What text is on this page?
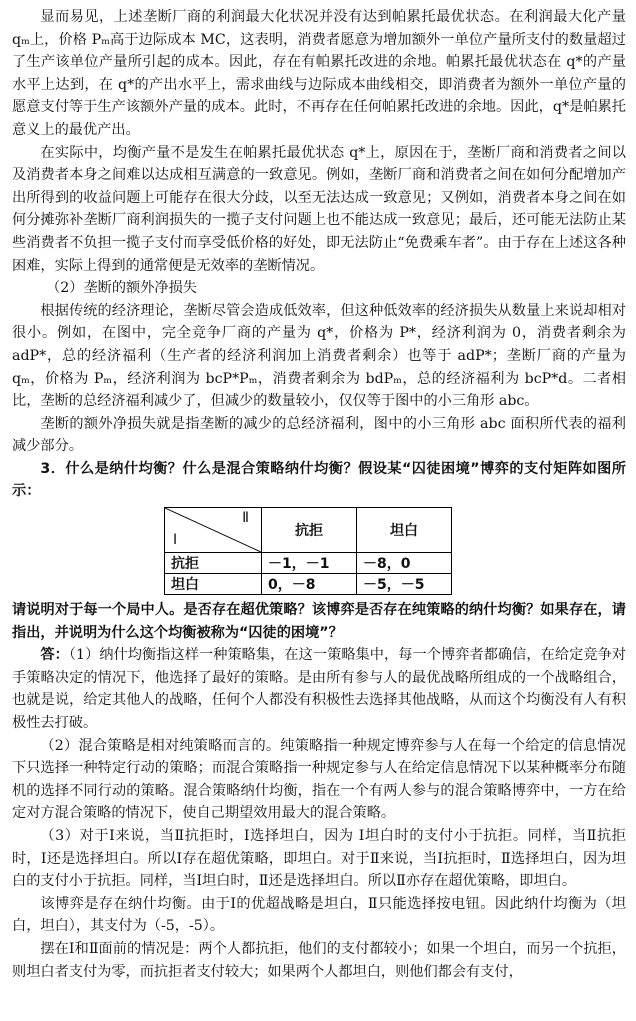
显而易见，上述垄断厂商的利润最大化状况并没有达到帕累托最优状态。在利润最大化产量 qₘ上，价格 Pₘ高于边际成本 MC，这表明，消费者愿意为增加额外一单位产量所支付的数量超过了生产该单位产量所引起的成本。因此，存在有帕累托改进的余地。帕累托最优状态在 q*的产量水平上达到，在 q*的产出水平上，需求曲线与边际成本曲线相交，即消费者为额外一单位产量的愿意支付等于生产该额外产量的成本。此时，不再存在任何帕累托改进的余地。因此，q*是帕累托意义上的最优产出。

在实际中，均衡产量不是发生在帕累托最优状态 q*上，原因在于，垄断厂商和消费者之间以及消费者本身之间难以达成相互满意的一致意见。例如，垄断厂商和消费者之间在如何分配增加产出所得到的收益问题上可能存在很大分歧，以至无法达成一致意见；又例如，消费者本身之间在如何分摊弥补垄断厂商利润损失的一揽子支付问题上也不能达成一致意见；最后，还可能无法防止某些消费者不负担一揽子支付而享受低价格的好处，即无法防止“免费乘车者”。由于存在上述这各种困难，实际上得到的通常便是无效率的垄断情况。

（2）垄断的额外净损失

根据传统的经济理论，垄断尽管会造成低效率，但这种低效率的经济损失从数量上来说却相对很小。例如，在图中，完全竞争厂商的产量为 q*，价格为 P*，经济利润为 0，消费者剩余为 adP*，总的经济福利（生产者的经济利润加上消费者剩余）也等于 adP*；垄断厂商的产量为 qₘ，价格为 Pₘ，经济利润为 bcP*Pₘ，消费者剩余为 bdPₘ，总的经济福利为 bcP*d。二者相比，垄断的总经济福利减少了，但减少的数量较小，仅仅等于图中的小三角形 abc。

垄断的额外净损失就是指垄断的减少的总经济福利，图中的小三角形 abc 面积所代表的福利减少部分。

3．什么是纳什均衡？什么是混合策略纳什均衡？假设某“囚徒困境”博弈的支付矩阵如图所示：

Ⅱ
Ⅰ	抗拒	坦白
抗拒	－1，－1	－8，0
坦白	0，－8	－5，－5

请说明对于每一个局中人。是否存在超优策略？该博弈是否存在纯策略的纳什均衡？如果存在，请指出，并说明为什么这个均衡被称为“囚徒的困境”？

答：（1）纳什均衡指这样一种策略集，在这一策略集中，每一个博弈者都确信，在给定竞争对手策略决定的情况下，他选择了最好的策略。是由所有参与人的最优战略所组成的一个战略组合，也就是说，给定其他人的战略，任何个人都没有积极性去选择其他战略，从而这个均衡没有人有积极性去打破。

（2）混合策略是相对纯策略而言的。纯策略指一种规定博弈参与人在每一个给定的信息情况下只选择一种特定行动的策略；而混合策略指一种规定参与人在给定信息情况下以某种概率分布随机的选择不同行动的策略。混合策略纳什均衡，指在一个有两人参与的混合策略博弈中，一方在给定对方混合策略的情况下，使自己期望效用最大的混合策略。

（3）对于Ⅰ来说，当Ⅱ抗拒时，Ⅰ选择坦白，因为 Ⅰ坦白时的支付小于抗拒。同样，当Ⅱ抗拒时，Ⅰ还是选择坦白。所以Ⅰ存在超优策略，即坦白。对于Ⅱ来说，当Ⅰ抗拒时，Ⅱ选择坦白，因为坦白的支付小于抗拒。同样，当Ⅰ坦白时，Ⅱ还是选择坦白。所以Ⅱ亦存在超优策略，即坦白。

该博弈是存在纳什均衡。由于Ⅰ的优超战略是坦白，Ⅱ只能选择按电钮。因此纳什均衡为（坦白，坦白），其支付为（-5，-5）。

摆在Ⅰ和Ⅱ面前的情况是：两个人都抗拒，他们的支付都较小；如果一个坦白，而另一个抗拒，则坦白者支付为零，而抗拒者支付较大；如果两个人都坦白，则他们都会有支付，
